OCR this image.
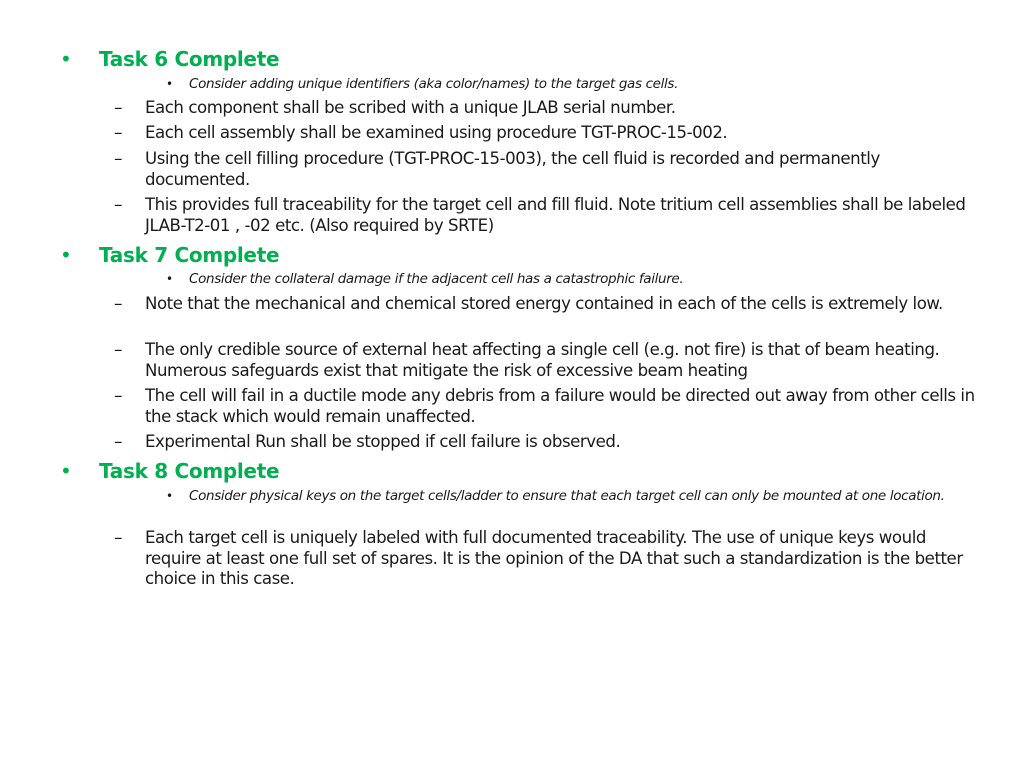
• Task 6 Complete
• Consider adding unique identifiers (aka color/names) to the target gas cells.
– Each component shall be scribed with a unique JLAB serial number.
– Each cell assembly shall be examined using procedure TGT-PROC-15-002.
– Using the cell filling procedure (TGT-PROC-15-003), the cell fluid is recorded and permanently documented.
– This provides full traceability for the target cell and fill fluid. Note tritium cell assemblies shall be labeled JLAB-T2-01 , -02 etc. (Also required by SRTE)
• Task 7 Complete
• Consider the collateral damage if the adjacent cell has a catastrophic failure.
– Note that the mechanical and chemical stored energy contained in each of the cells is extremely low.
– The only credible source of external heat affecting a single cell (e.g. not fire) is that of beam heating. Numerous safeguards exist that mitigate the risk of excessive beam heating
– The cell will fail in a ductile mode any debris from a failure would be directed out away from other cells in the stack which would remain unaffected.
– Experimental Run shall be stopped if cell failure is observed.
• Task 8 Complete
• Consider physical keys on the target cells/ladder to ensure that each target cell can only be mounted at one location.
– Each target cell is uniquely labeled with full documented traceability. The use of unique keys would require at least one full set of spares. It is the opinion of the DA that such a standardization is the better choice in this case.
